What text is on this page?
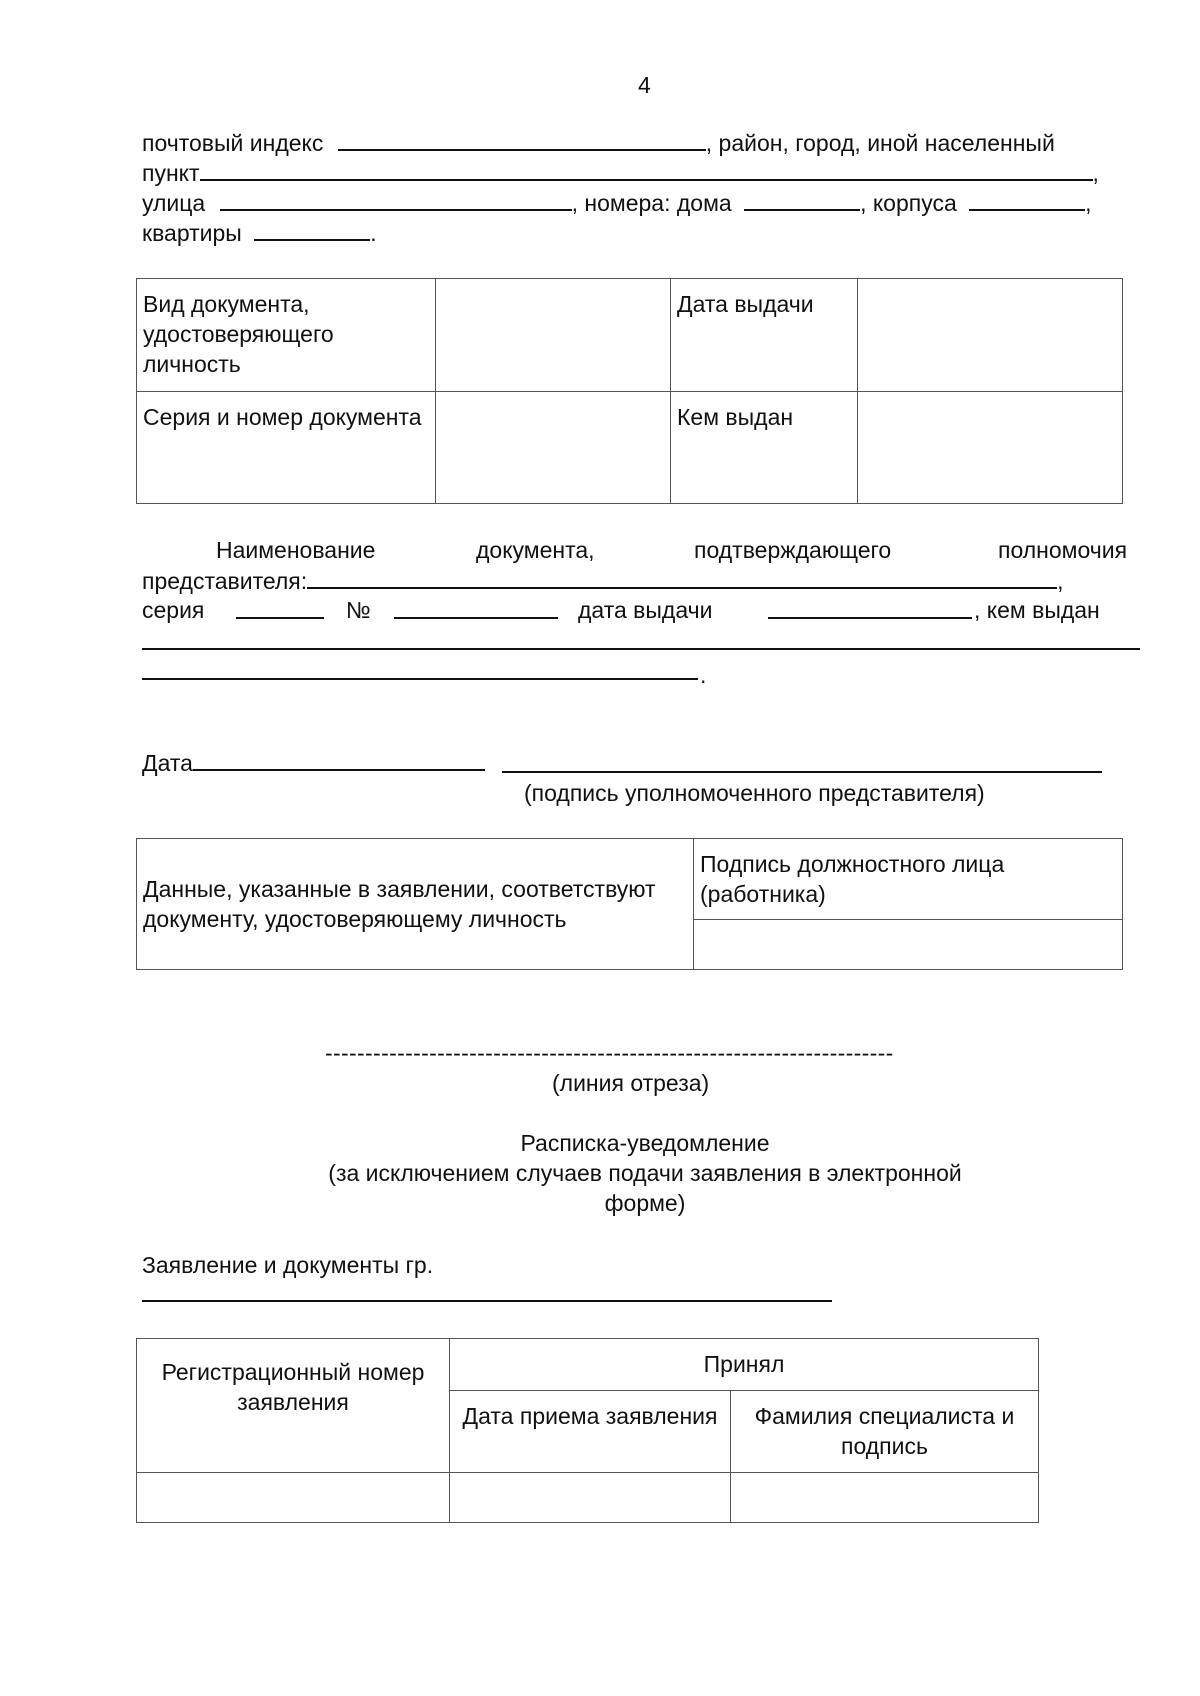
4
почтовый индекс	, район, город, иной населенный
пункт	,
улица	, номера: дома	, корпуса	,
квартиры	.
Вид документа, удостоверяющего личность		Дата выдачи	
Серия и номер документа		Кем выдан	
Наименование	документа,	подтверждающего	полномочия
представителя:	,
серия	№	дата выдачи	, кем выдан
.
Дата
(подпись уполномоченного представителя)
Данные, указанные в заявлении, соответствуют документу, удостоверяющему личность	Подпись должностного лица (работника)

-----------------------------------------------------------------------
(линия отреза)
Расписка-уведомление
(за исключением случаев подачи заявления в электронной
форме)
Заявление и документы гр.
Регистрационный номер заявления	Принял	
	Дата приема заявления	Фамилия специалиста и подпись
